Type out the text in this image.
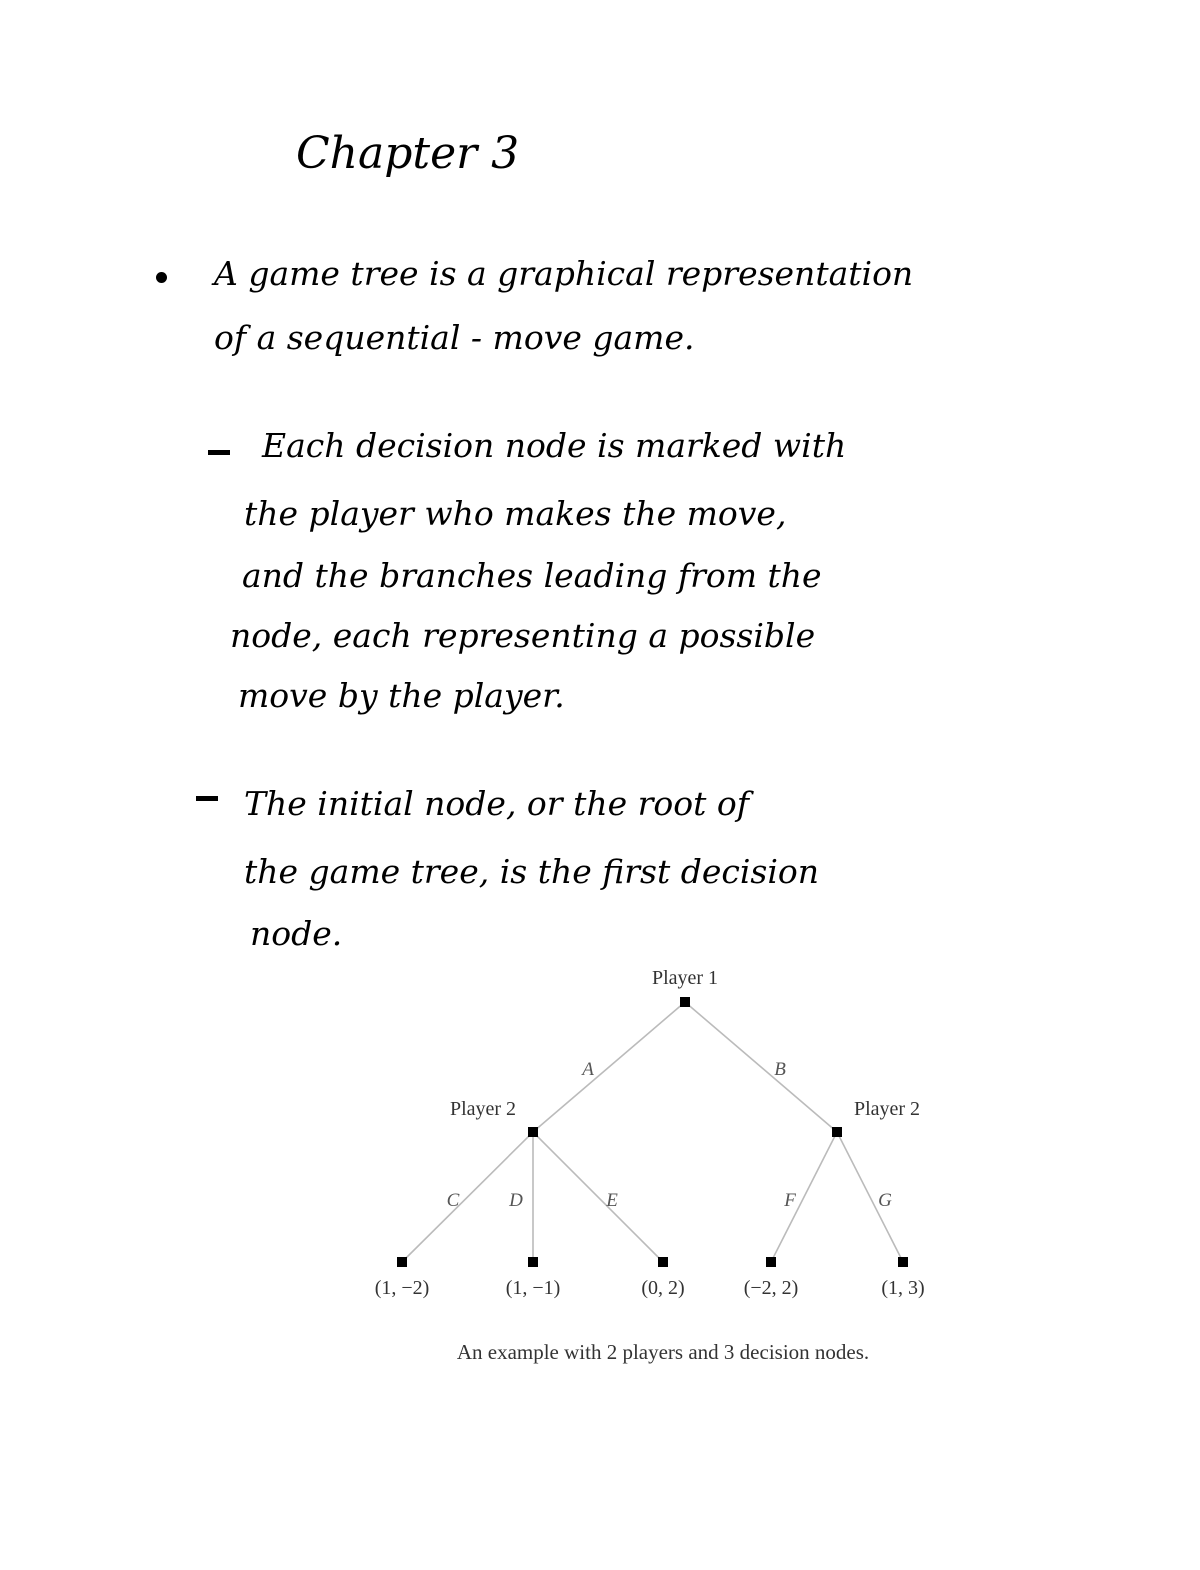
Chapter 3
A game tree is a graphical representation
of a sequential - move game.
Each decision node is marked with
the player who makes the move,
and the branches leading from the
node, each representing a possible
move by the player.
The initial node, or the root of
the game tree, is the first decision
node.
Player 1
Player 2	Player 2
A	B
C	D	E	F	G
(1, −2)	(1, −1)	(0, 2)	(−2, 2)	(1, 3)
An example with 2 players and 3 decision nodes.
